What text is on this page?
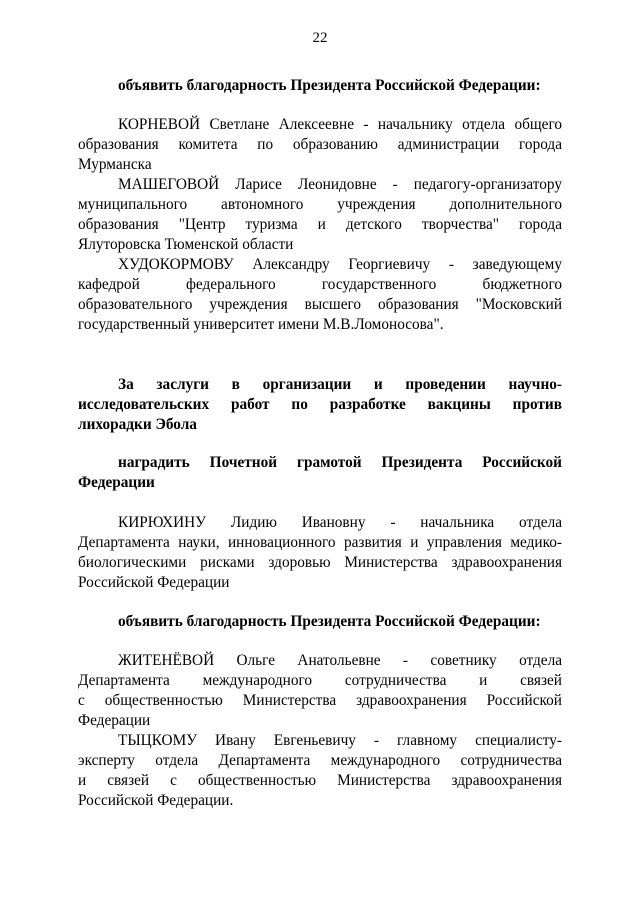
22
объявить благодарность Президента Российской Федерации:
КОРНЕВОЙ Светлане Алексеевне - начальнику отдела общего
образования комитета по образованию администрации города
Мурманска
МАШЕГОВОЙ Ларисе Леонидовне - педагогу-организатору
муниципального автономного учреждения дополнительного
образования "Центр туризма и детского творчества" города
Ялуторовска Тюменской области
ХУДОКОРМОВУ Александру Георгиевичу - заведующему
кафедрой федерального государственного бюджетного
образовательного учреждения высшего образования "Московский
государственный университет имени М.В.Ломоносова".
За заслуги в организации и проведении научно-
исследовательских работ по разработке вакцины против
лихорадки Эбола
наградить Почетной грамотой Президента Российской
Федерации
КИРЮХИНУ Лидию Ивановну - начальника отдела
Департамента науки, инновационного развития и управления медико-
биологическими рисками здоровью Министерства здравоохранения
Российской Федерации
объявить благодарность Президента Российской Федерации:
ЖИТЕНЁВОЙ Ольге Анатольевне - советнику отдела
Департамента международного сотрудничества и связей
с общественностью Министерства здравоохранения Российской
Федерации
ТЫЦКОМУ Ивану Евгеньевичу - главному специалисту-
эксперту отдела Департамента международного сотрудничества
и связей с общественностью Министерства здравоохранения
Российской Федерации.
